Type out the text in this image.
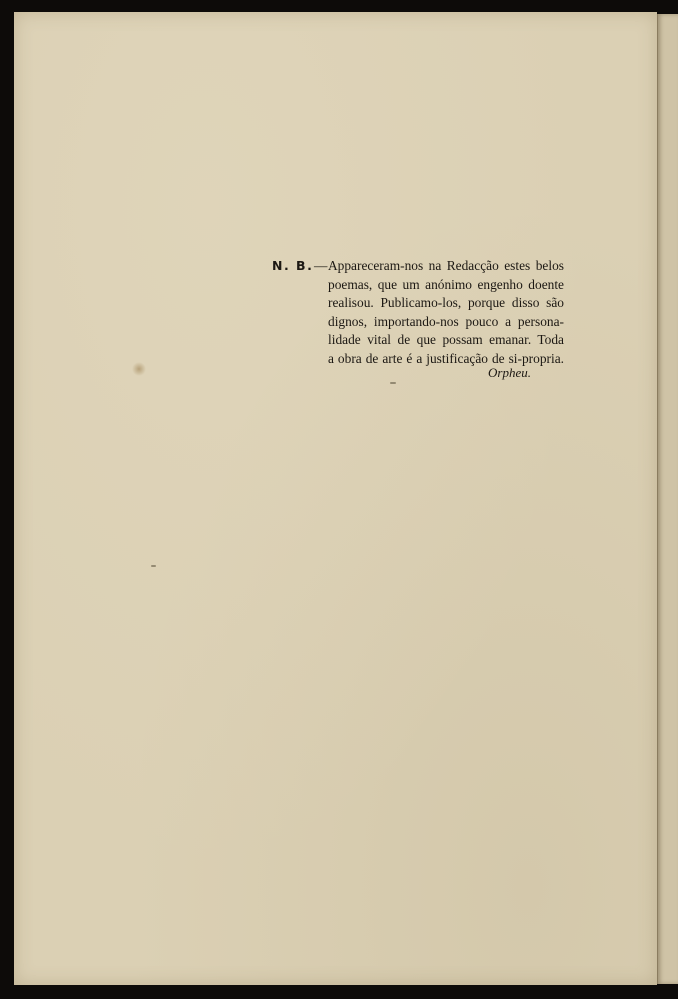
N. B. — Appareceram-nos na Redacção estes belos
poemas, que um anónimo engenho doente
realisou. Publicamo-los, porque disso são
dignos, importando-nos pouco a persona-
lidade vital de que possam emanar. Toda
a obra de arte é a justificação de si-propria.
Orpheu.
